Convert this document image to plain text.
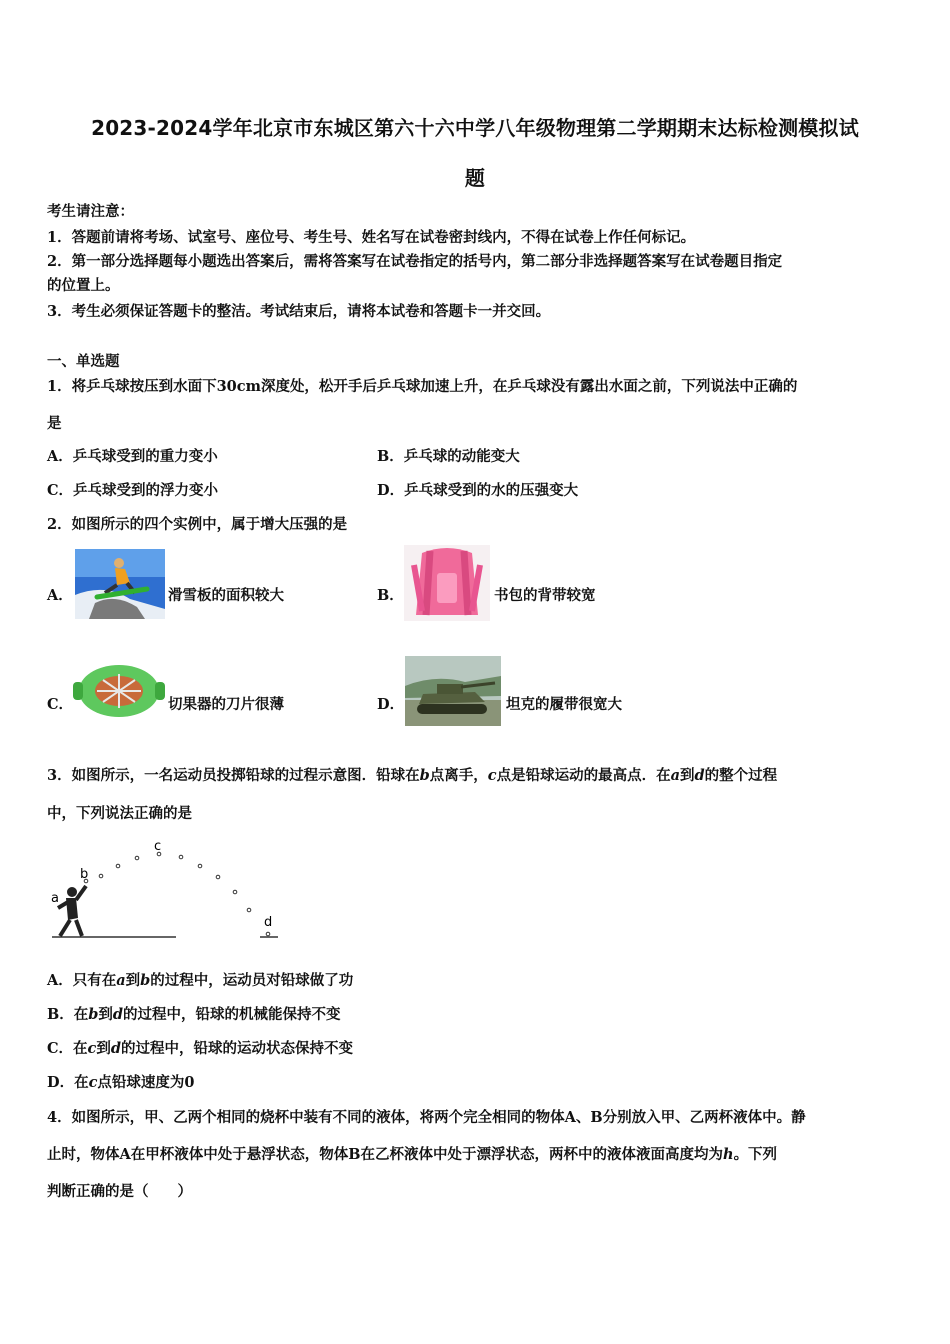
2023-2024学年北京市东城区第六十六中学八年级物理第二学期期末达标检测模拟试
题
考生请注意：
1．答题前请将考场、试室号、座位号、考生号、姓名写在试卷密封线内，不得在试卷上作任何标记。
2．第一部分选择题每小题选出答案后，需将答案写在试卷指定的括号内，第二部分非选择题答案写在试卷题目指定
的位置上。
3．考生必须保证答题卡的整洁。考试结束后，请将本试卷和答题卡一并交回。
一、单选题
1．将乒乓球按压到水面下30cm深度处，松开手后乒乓球加速上升，在乒乓球没有露出水面之前，下列说法中正确的
是
A．乒乓球受到的重力变小	B．乒乓球的动能变大
C．乒乓球受到的浮力变小	D．乒乓球受到的水的压强变大
2．如图所示的四个实例中，属于增大压强的是
A．	滑雪板的面积较大	B．	书包的背带较宽
C．	切果器的刀片很薄	D．	坦克的履带很宽大
3．如图所示，一名运动员投掷铅球的过程示意图．铅球在b点离手，c点是铅球运动的最高点．在a到d的整个过程
中，下列说法正确的是
a
b
c
d
A．只有在a到b的过程中，运动员对铅球做了功
B．在b到d的过程中，铅球的机械能保持不变
C．在c到d的过程中，铅球的运动状态保持不变
D．在c点铅球速度为0
4．如图所示，甲、乙两个相同的烧杯中装有不同的液体，将两个完全相同的物体A、B分别放入甲、乙两杯液体中。静
止时，物体A在甲杯液体中处于悬浮状态，物体B在乙杯液体中处于漂浮状态，两杯中的液体液面高度均为h。下列
判断正确的是（　　）
